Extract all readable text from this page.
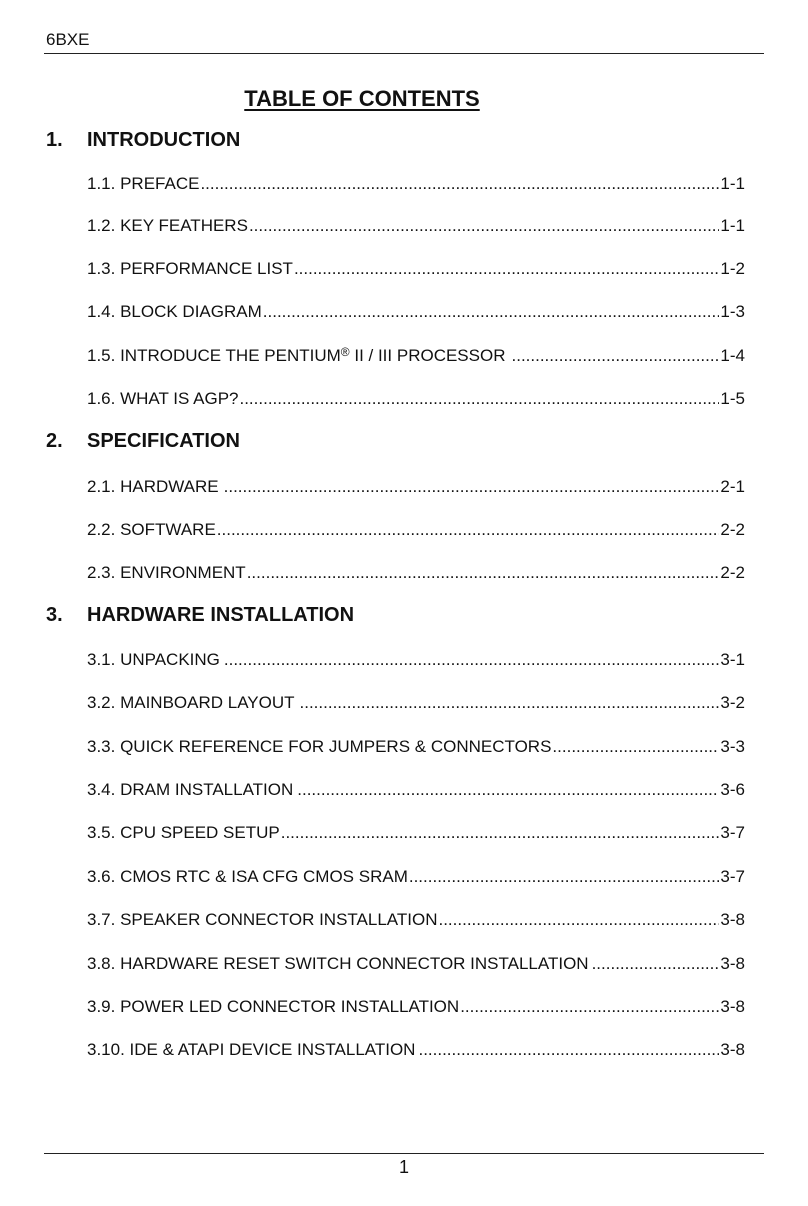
6BXE
TABLE OF CONTENTS
1.	INTRODUCTION
1.1. PREFACE .....	1-1
1.2. KEY FEATHERS .....	1-1
1.3. PERFORMANCE LIST .....	1-2
1.4. BLOCK DIAGRAM .....	1-3
1.5. INTRODUCE THE PENTIUM® II / III PROCESSOR .....	1-4
1.6. WHAT IS AGP? .....	1-5
2.	SPECIFICATION
2.1. HARDWARE .....	2-1
2.2. SOFTWARE .....	2-2
2.3. ENVIRONMENT .....	2-2
3.	HARDWARE INSTALLATION
3.1. UNPACKING .....	3-1
3.2. MAINBOARD LAYOUT .....	3-2
3.3. QUICK REFERENCE FOR JUMPERS & CONNECTORS .....	3-3
3.4. DRAM INSTALLATION .....	3-6
3.5. CPU SPEED SETUP .....	3-7
3.6. CMOS RTC & ISA CFG CMOS SRAM .....	3-7
3.7. SPEAKER CONNECTOR INSTALLATION .....	3-8
3.8. HARDWARE RESET SWITCH CONNECTOR INSTALLATION .....	3-8
3.9. POWER LED CONNECTOR INSTALLATION .....	3-8
3.10. IDE & ATAPI DEVICE INSTALLATION .....	3-8
1
